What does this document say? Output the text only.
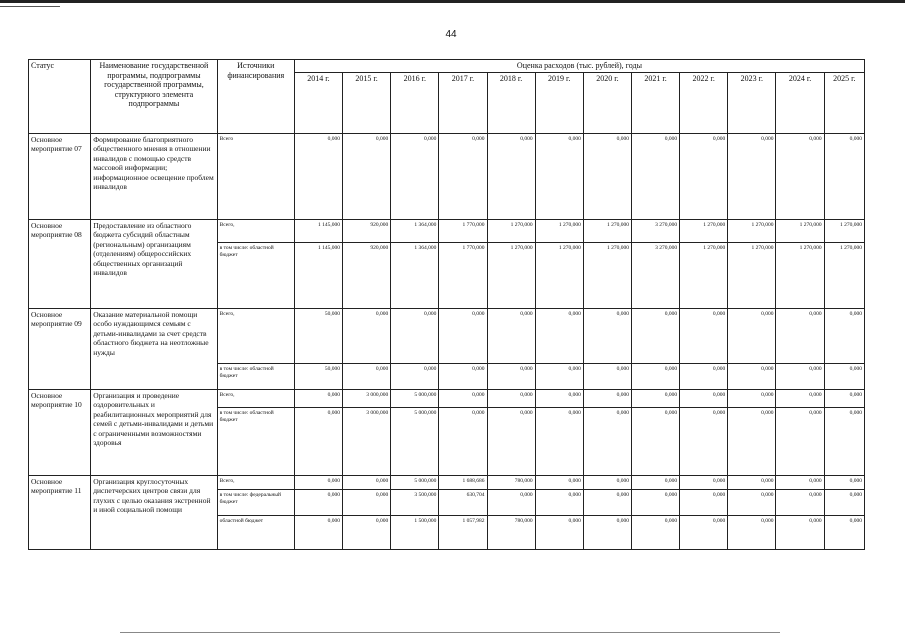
44
Статус	Наименование государственной программы, подпрограммы государственной программы, структурного элемента подпрограммы	Источники финансирования	Оценка расходов (тыс. рублей), годы											
			2014 г.	2015 г.	2016 г.	2017 г.	2018 г.	2019 г.	2020 г.	2021 г.	2022 г.	2023 г.	2024 г.	2025 г.
Основное мероприятие 07	Формирование благоприятного общественного мнения в отношении инвалидов с помощью средств массовой информации; информационное освещение проблем инвалидов	Всего	0,000	0,000	0,000	0,000	0,000	0,000	0,000	0,000	0,000	0,000	0,000	0,000
Основное мероприятие 08	Предоставление из областного бюджета субсидий областным (региональным) организациям (отделениям) общероссийских общественных организаций инвалидов	Всего,	1 145,000	920,000	1 364,000	1 770,000	1 270,000	1 270,000	1 270,000	3 270,000	1 270,000	1 270,000	1 270,000	1 270,000
		в том числе: областной бюджет	1 145,000	920,000	1 364,000	1 770,000	1 270,000	1 270,000	1 270,000	3 270,000	1 270,000	1 270,000	1 270,000	1 270,000
Основное мероприятие 09	Оказание материальной помощи особо нуждающимся семьям с детьми-инвалидами за счет средств областного бюджета на неотложные нужды	Всего,	50,000	0,000	0,000	0,000	0,000	0,000	0,000	0,000	0,000	0,000	0,000	0,000
		в том числе: областной бюджет	50,000	0,000	0,000	0,000	0,000	0,000	0,000	0,000	0,000	0,000	0,000	0,000
Основное мероприятие 10	Организация и проведение оздоровительных и реабилитационных мероприятий для семей с детьми-инвалидами и детьми с ограниченными возможностями здоровья	Всего,	0,000	3 000,000	5 000,000	0,000	0,000	0,000	0,000	0,000	0,000	0,000	0,000	0,000
		в том числе: областной бюджет	0,000	3 000,000	5 000,000	0,000	0,000	0,000	0,000	0,000	0,000	0,000	0,000	0,000
Основное мероприятие 11	Организация круглосуточных диспетчерских центров связи для глухих с целью оказания экстренной и иной социальной помощи	Всего,	0,000	0,000	5 000,000	1 688,686	780,000	0,000	0,000	0,000	0,000	0,000	0,000	0,000
		в том числе: федеральный бюджет	0,000	0,000	3 500,000	630,704	0,000	0,000	0,000	0,000	0,000	0,000	0,000	0,000
		областной бюджет	0,000	0,000	1 500,000	1 057,982	780,000	0,000	0,000	0,000	0,000	0,000	0,000	0,000
